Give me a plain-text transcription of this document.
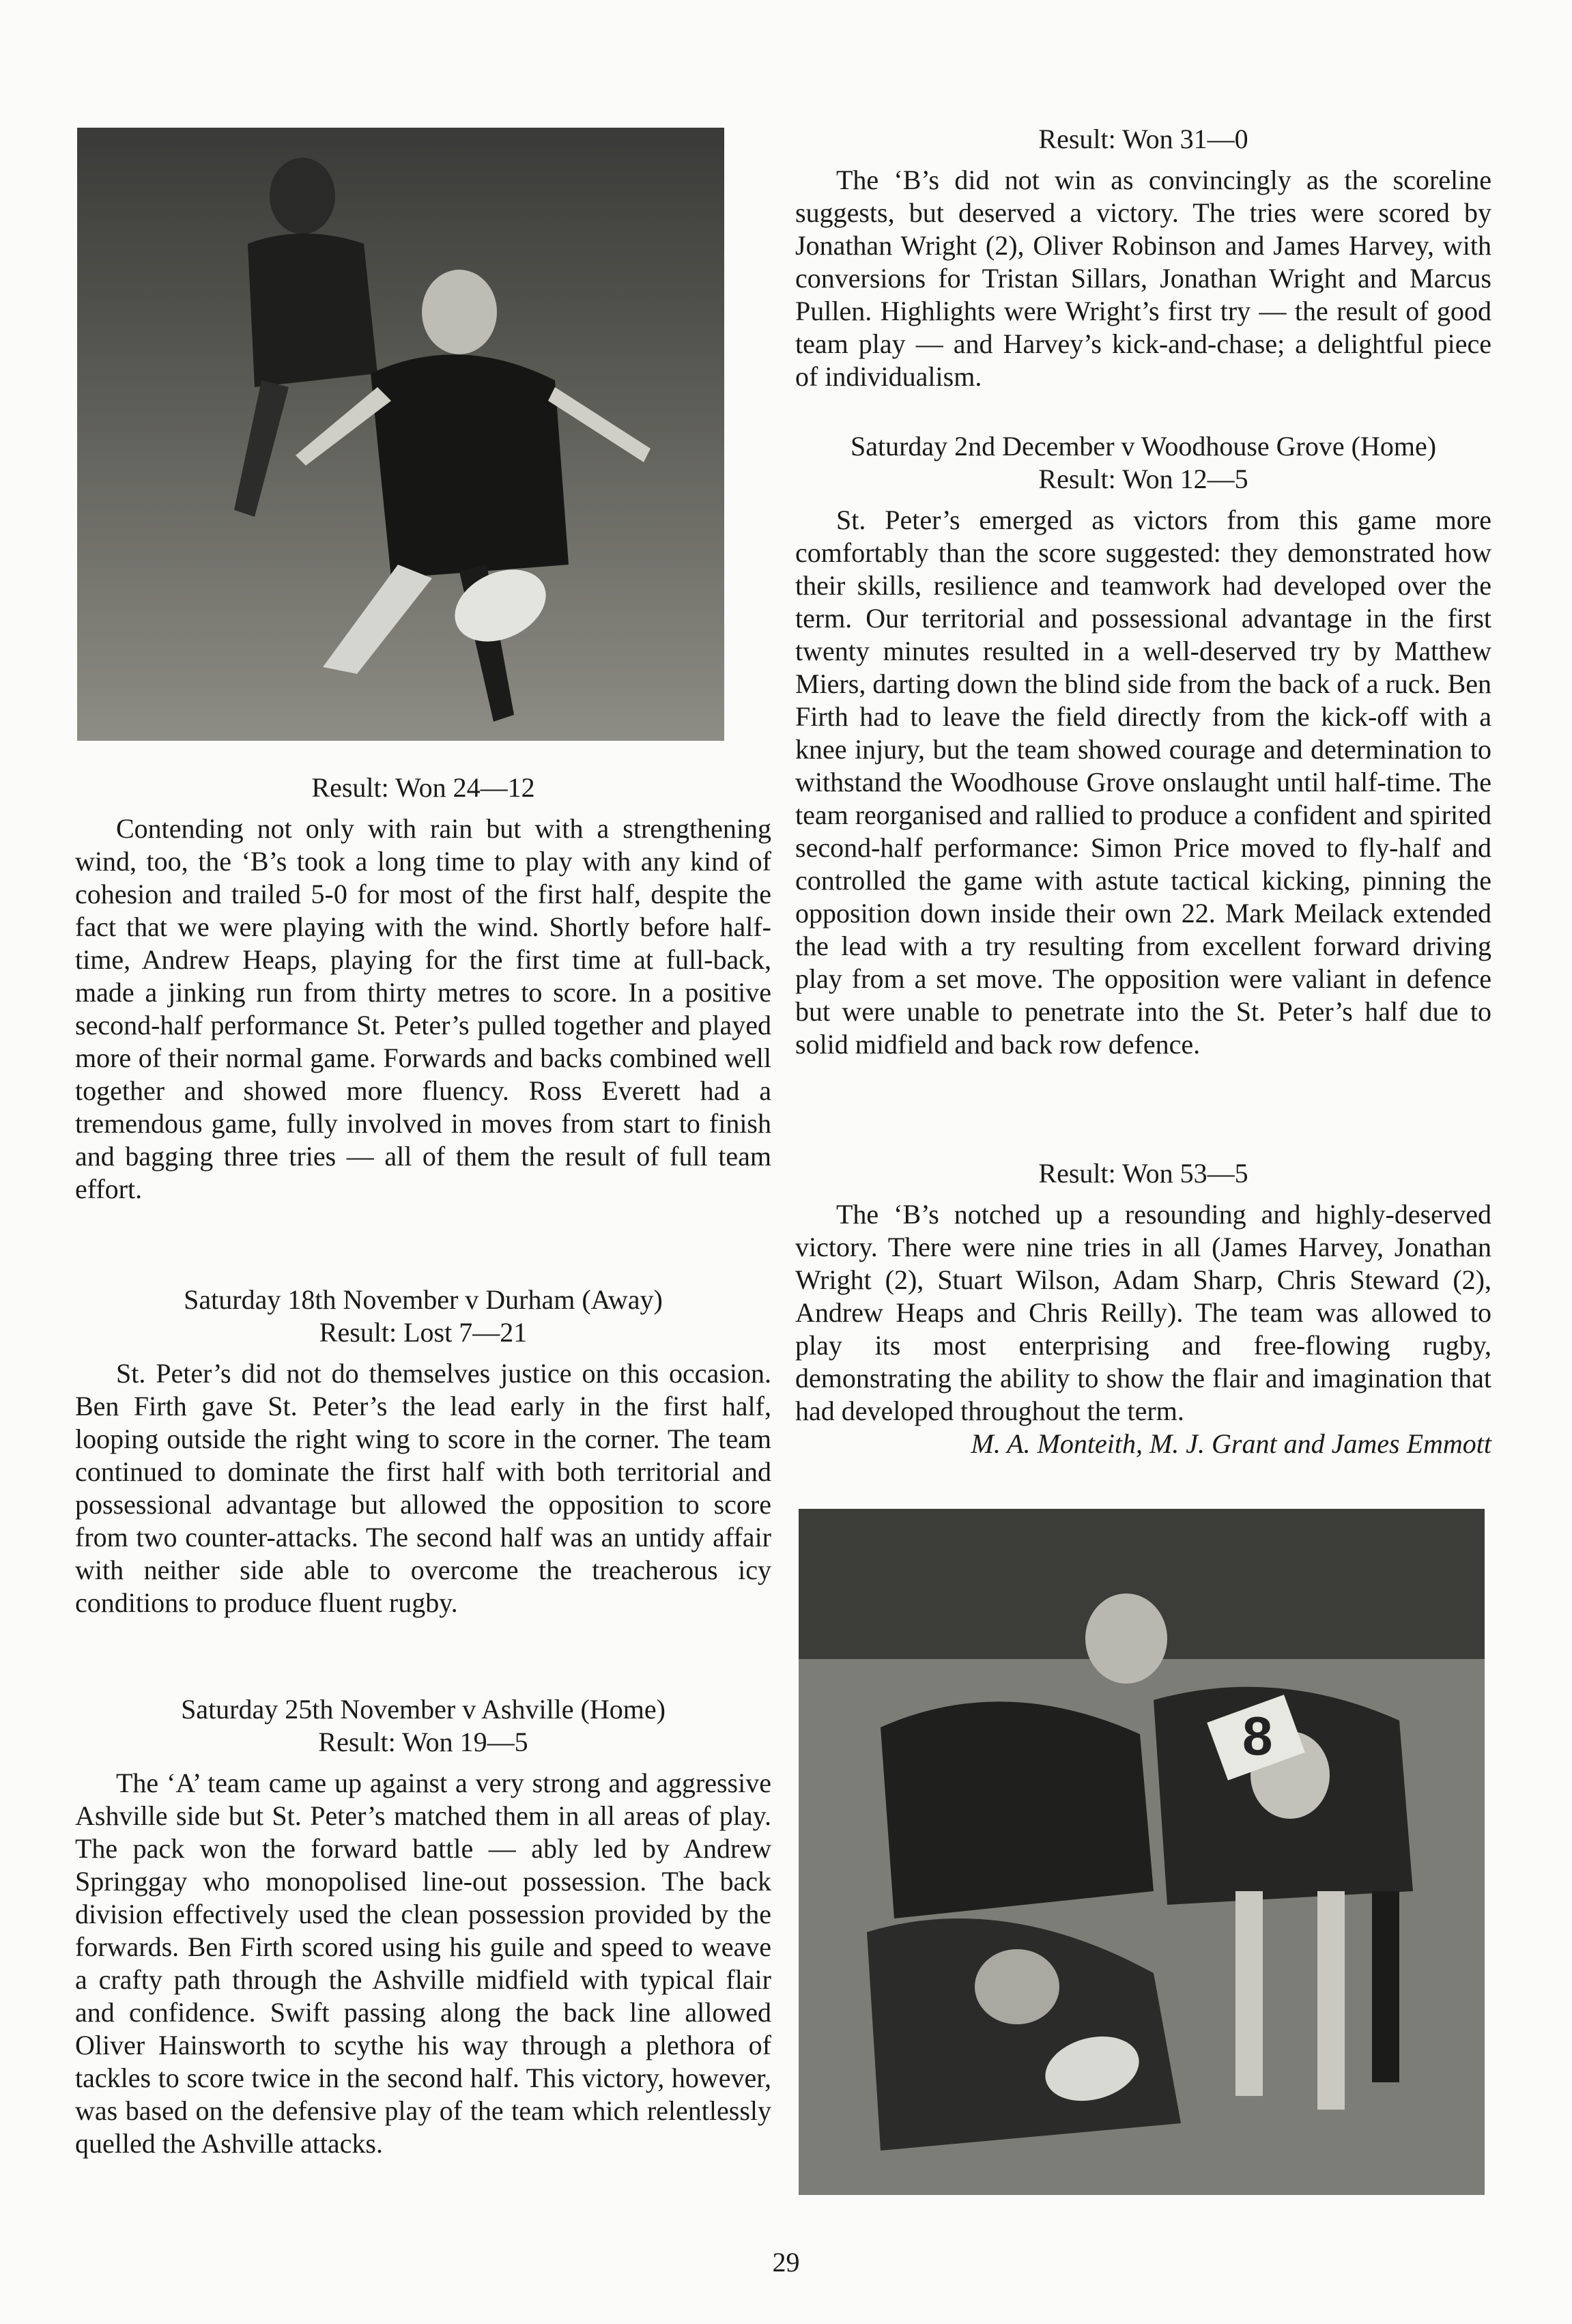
Result: Won 24—12

Contending not only with rain but with a strengthening wind, too, the ‘B’s took a long time to play with any kind of cohesion and trailed 5-0 for most of the first half, despite the fact that we were playing with the wind. Shortly before half-time, Andrew Heaps, playing for the first time at full-back, made a jinking run from thirty metres to score. In a positive second-half performance St. Peter’s pulled together and played more of their normal game. Forwards and backs combined well together and showed more fluency. Ross Everett had a tremendous game, fully involved in moves from start to finish and bagging three tries — all of them the result of full team effort.

Saturday 18th November v Durham (Away)

Result: Lost 7—21

St. Peter’s did not do themselves justice on this occasion. Ben Firth gave St. Peter’s the lead early in the first half, looping outside the right wing to score in the corner. The team continued to dominate the first half with both territorial and possessional advantage but allowed the opposition to score from two counter-attacks. The second half was an untidy affair with neither side able to overcome the treacherous icy conditions to produce fluent rugby.

Saturday 25th November v Ashville (Home)

Result: Won 19—5

The ‘A’ team came up against a very strong and aggressive Ashville side but St. Peter’s matched them in all areas of play. The pack won the forward battle — ably led by Andrew Springgay who monopolised line-out possession. The back division effectively used the clean possession provided by the forwards. Ben Firth scored using his guile and speed to weave a crafty path through the Ashville midfield with typical flair and confidence. Swift passing along the back line allowed Oliver Hainsworth to scythe his way through a plethora of tackles to score twice in the second half. This victory, however, was based on the defensive play of the team which relentlessly quelled the Ashville attacks.

Result: Won 31—0

The ‘B’s did not win as convincingly as the scoreline suggests, but deserved a victory. The tries were scored by Jonathan Wright (2), Oliver Robinson and James Harvey, with conversions for Tristan Sillars, Jonathan Wright and Marcus Pullen. Highlights were Wright’s first try — the result of good team play — and Harvey’s kick-and-chase; a delightful piece of individualism.

Saturday 2nd December v Woodhouse Grove (Home)

Result: Won 12—5

St. Peter’s emerged as victors from this game more comfortably than the score suggested: they demonstrated how their skills, resilience and teamwork had developed over the term. Our territorial and possessional advantage in the first twenty minutes resulted in a well-deserved try by Matthew Miers, darting down the blind side from the back of a ruck. Ben Firth had to leave the field directly from the kick-off with a knee injury, but the team showed courage and determination to withstand the Woodhouse Grove onslaught until half-time. The team reorganised and rallied to produce a confident and spirited second-half performance: Simon Price moved to fly-half and controlled the game with astute tactical kicking, pinning the opposition down inside their own 22. Mark Meilack extended the lead with a try resulting from excellent forward driving play from a set move. The opposition were valiant in defence but were unable to penetrate into the St. Peter’s half due to solid midfield and back row defence.

Result: Won 53—5

The ‘B’s notched up a resounding and highly-deserved victory. There were nine tries in all (James Harvey, Jonathan Wright (2), Stuart Wilson, Adam Sharp, Chris Steward (2), Andrew Heaps and Chris Reilly). The team was allowed to play its most enterprising and free-flowing rugby, demonstrating the ability to show the flair and imagination that had developed throughout the term.

M. A. Monteith, M. J. Grant and James Emmott

8
29
